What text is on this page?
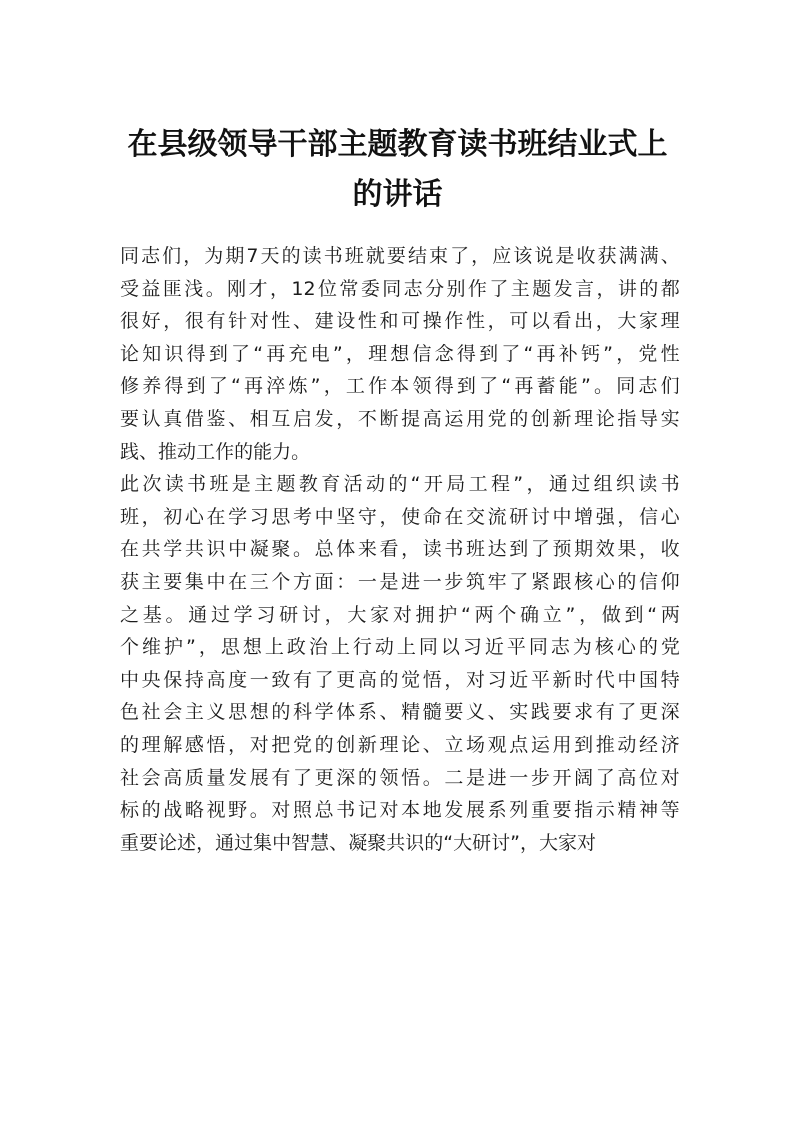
在县级领导干部主题教育读书班结业式上
的讲话
同 志 们 ， 为 期 7 天 的 读 书 班 就 要 结 束 了 ， 应 该 说 是 收 获 满 满 、
受 益 匪 浅 。 刚 才 ， 12 位 常 委 同 志 分 别 作 了 主 题 发 言 ， 讲 的 都
很 好 ， 很 有 针 对 性 、 建 设 性 和 可 操 作 性 ， 可 以 看 出 ， 大 家 理
论 知 识 得 到 了 “ 再 充 电 ” ， 理 想 信 念 得 到 了 “ 再 补 钙 ” ， 党 性
修 养 得 到 了 “ 再 淬 炼 ” ， 工 作 本 领 得 到 了 “ 再 蓄 能 ” 。 同 志 们
要 认 真 借 鉴 、 相 互 启 发 ， 不 断 提 高 运 用 党 的 创 新 理 论 指 导 实
践 、 推 动 工 作 的 能 力 。
此 次 读 书 班 是 主 题 教 育 活 动 的 “ 开 局 工 程 ” ， 通 过 组 织 读 书
班 ， 初 心 在 学 习 思 考 中 坚 守 ， 使 命 在 交 流 研 讨 中 增 强 ， 信 心
在 共 学 共 识 中 凝 聚 。 总 体 来 看 ， 读 书 班 达 到 了 预 期 效 果 ， 收
获 主 要 集 中 在 三 个 方 面 ： 一 是 进 一 步 筑 牢 了 紧 跟 核 心 的 信 仰
之 基 。 通 过 学 习 研 讨 ， 大 家 对 拥 护 “ 两 个 确 立 ” ， 做 到 “ 两
个 维 护 ” ， 思 想 上 政 治 上 行 动 上 同 以 习 近 平 同 志 为 核 心 的 党
中 央 保 持 高 度 一 致 有 了 更 高 的 觉 悟 ， 对 习 近 平 新 时 代 中 国 特
色 社 会 主 义 思 想 的 科 学 体 系 、 精 髓 要 义 、 实 践 要 求 有 了 更 深
的 理 解 感 悟 ， 对 把 党 的 创 新 理 论 、 立 场 观 点 运 用 到 推 动 经 济
社 会 高 质 量 发 展 有 了 更 深 的 领 悟 。 二 是 进 一 步 开 阔 了 高 位 对
标 的 战 略 视 野 。 对 照 总 书 记 对 本 地 发 展 系 列 重 要 指 示 精 神 等
重 要 论 述 ， 通 过 集 中 智 慧 、 凝 聚 共 识 的 “ 大 研 讨 ” ， 大 家 对
